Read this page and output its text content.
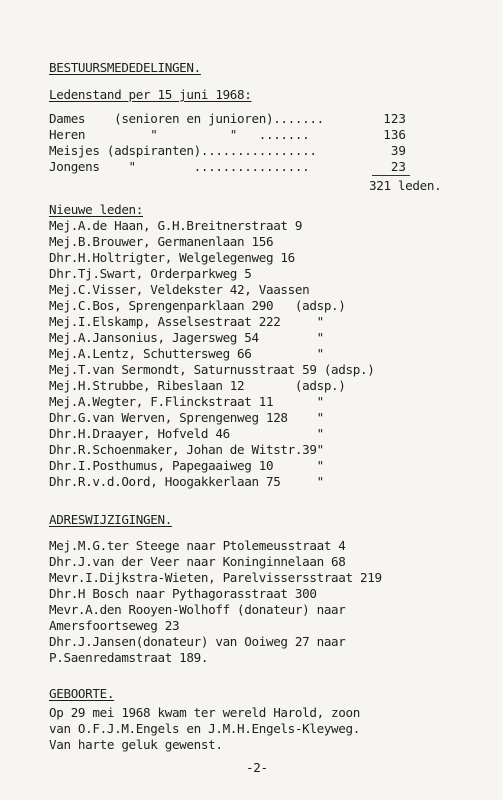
BESTUURSMEDEDELINGEN.
Ledenstand per 15 juni 1968:
Dames    (senioren en junioren).......	123
Heren         "          "   .......	136
Meisjes (adspiranten)................	39
Jongens    "        ................	23
321 leden.
Nieuwe leden:
Mej.A.de Haan, G.H.Breitnerstraat 9
Mej.B.Brouwer, Germanenlaan 156
Dhr.H.Holtrigter, Welgelegenweg 16
Dhr.Tj.Swart, Orderparkweg 5
Mej.C.Visser, Veldekster 42, Vaassen
Mej.C.Bos, Sprengenparklaan 290   (adsp.)
Mej.I.Elskamp, Asselsestraat 222     "
Mej.A.Jansonius, Jagersweg 54        "
Mej.A.Lentz, Schuttersweg 66         "
Mej.T.van Sermondt, Saturnusstraat 59 (adsp.)
Mej.H.Strubbe, Ribeslaan 12       (adsp.)
Mej.A.Wegter, F.Flinckstraat 11      "
Dhr.G.van Werven, Sprengenweg 128    "
Dhr.H.Draayer, Hofveld 46            "
Dhr.R.Schoenmaker, Johan de Witstr.39"
Dhr.I.Posthumus, Papegaaiweg 10      "
Dhr.R.v.d.Oord, Hoogakkerlaan 75     "
ADRESWIJZIGINGEN.
Mej.M.G.ter Steege naar Ptolemeusstraat 4
Dhr.J.van der Veer naar Koninginnelaan 68
Mevr.I.Dijkstra-Wieten, Parelvissersstraat 219
Dhr.H Bosch naar Pythagorasstraat 300
Mevr.A.den Rooyen-Wolhoff (donateur) naar
Amersfoortseweg 23
Dhr.J.Jansen(donateur) van Ooiweg 27 naar
P.Saenredamstraat 189.
GEBOORTE.
Op 29 mei 1968 kwam ter wereld Harold, zoon
van O.F.J.M.Engels en J.M.H.Engels-Kleyweg.
Van harte geluk gewenst.
-2-
